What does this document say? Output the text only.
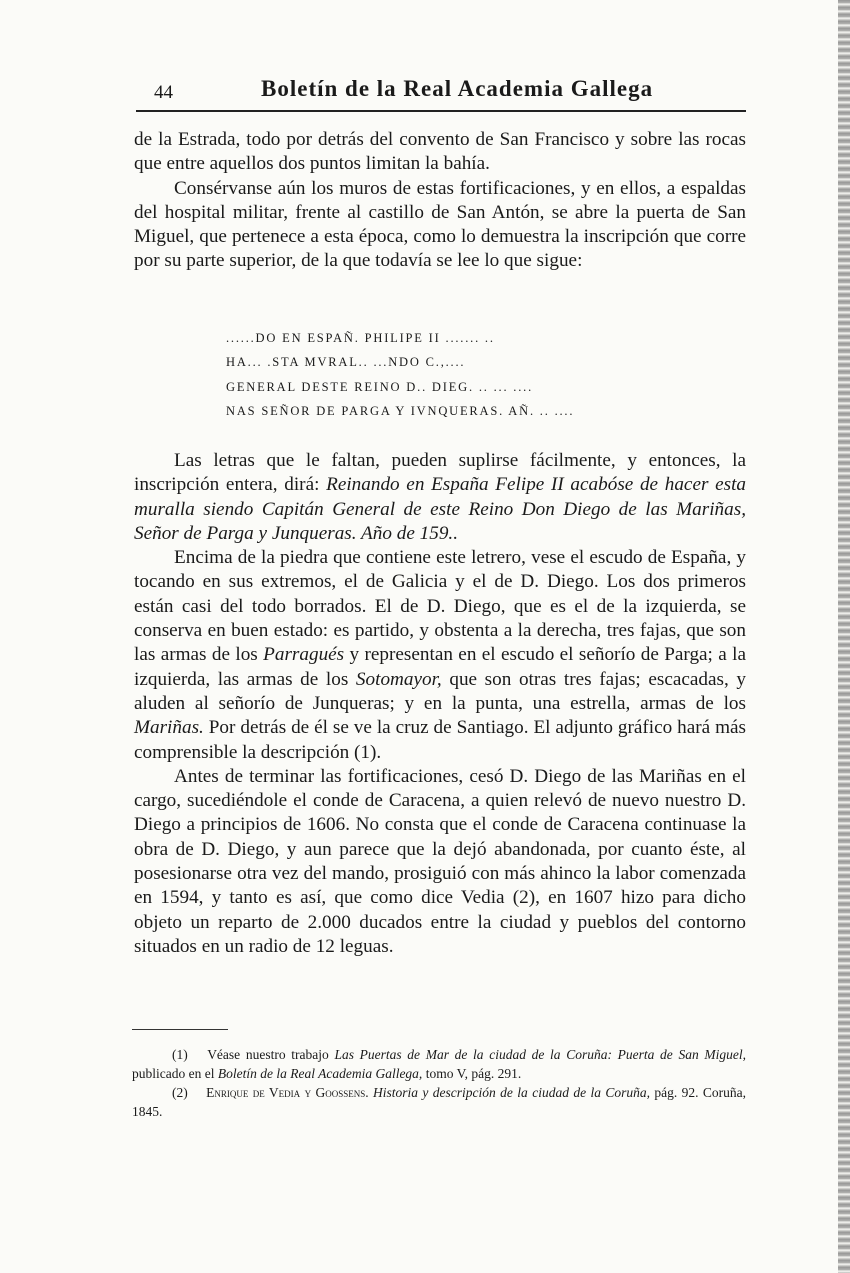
44	Boletín de la Real Academia Gallega

de la Estrada, todo por detrás del convento de San Francisco y sobre las rocas que entre aquellos dos puntos limitan la bahía.

Consérvanse aún los muros de estas fortificaciones, y en ellos, a espaldas del hospital militar, frente al castillo de San Antón, se abre la puerta de San Miguel, que pertenece a esta época, como lo demuestra la inscripción que corre por su parte superior, de la que todavía se lee lo que sigue:

......DO EN ESPAÑ. PHILIPE II ....... ..
HA... .STA MVRAL.. ...NDO C.,....
GENERAL DESTE REINO D.. DIEG. .. ... ....
NAS SEÑOR DE PARGA Y IVNQUERAS. AÑ. .. ....

Las letras que le faltan, pueden suplirse fácilmente, y entonces, la inscripción entera, dirá: Reinando en España Felipe II acabóse de hacer esta muralla siendo Capitán General de este Reino Don Diego de las Mariñas, Señor de Parga y Junqueras. Año de 159..

Encima de la piedra que contiene este letrero, vese el escudo de España, y tocando en sus extremos, el de Galicia y el de D. Diego. Los dos primeros están casi del todo borrados. El de D. Diego, que es el de la izquierda, se conserva en buen estado: es partido, y obstenta a la derecha, tres fajas, que son las armas de los Parragués y representan en el escudo el señorío de Parga; a la izquierda, las armas de los Sotomayor, que son otras tres fajas; escacadas, y aluden al señorío de Junqueras; y en la punta, una estrella, armas de los Mariñas. Por detrás de él se ve la cruz de Santiago. El adjunto gráfico hará más comprensible la descripción (1).

Antes de terminar las fortificaciones, cesó D. Diego de las Mariñas en el cargo, sucediéndole el conde de Caracena, a quien relevó de nuevo nuestro D. Diego a principios de 1606. No consta que el conde de Caracena continuase la obra de D. Diego, y aun parece que la dejó abandonada, por cuanto éste, al posesionarse otra vez del mando, prosiguió con más ahinco la labor comenzada en 1594, y tanto es así, que como dice Vedia (2), en 1607 hizo para dicho objeto un reparto de 2.000 ducados entre la ciudad y pueblos del contorno situados en un radio de 12 leguas.

(1) Véase nuestro trabajo Las Puertas de Mar de la ciudad de la Coruña: Puerta de San Miguel, publicado en el Boletín de la Real Academia Gallega, tomo V, pág. 291.

(2) Enrique de Vedia y Goossens. Historia y descripción de la ciudad de la Coruña, pág. 92. Coruña, 1845.
